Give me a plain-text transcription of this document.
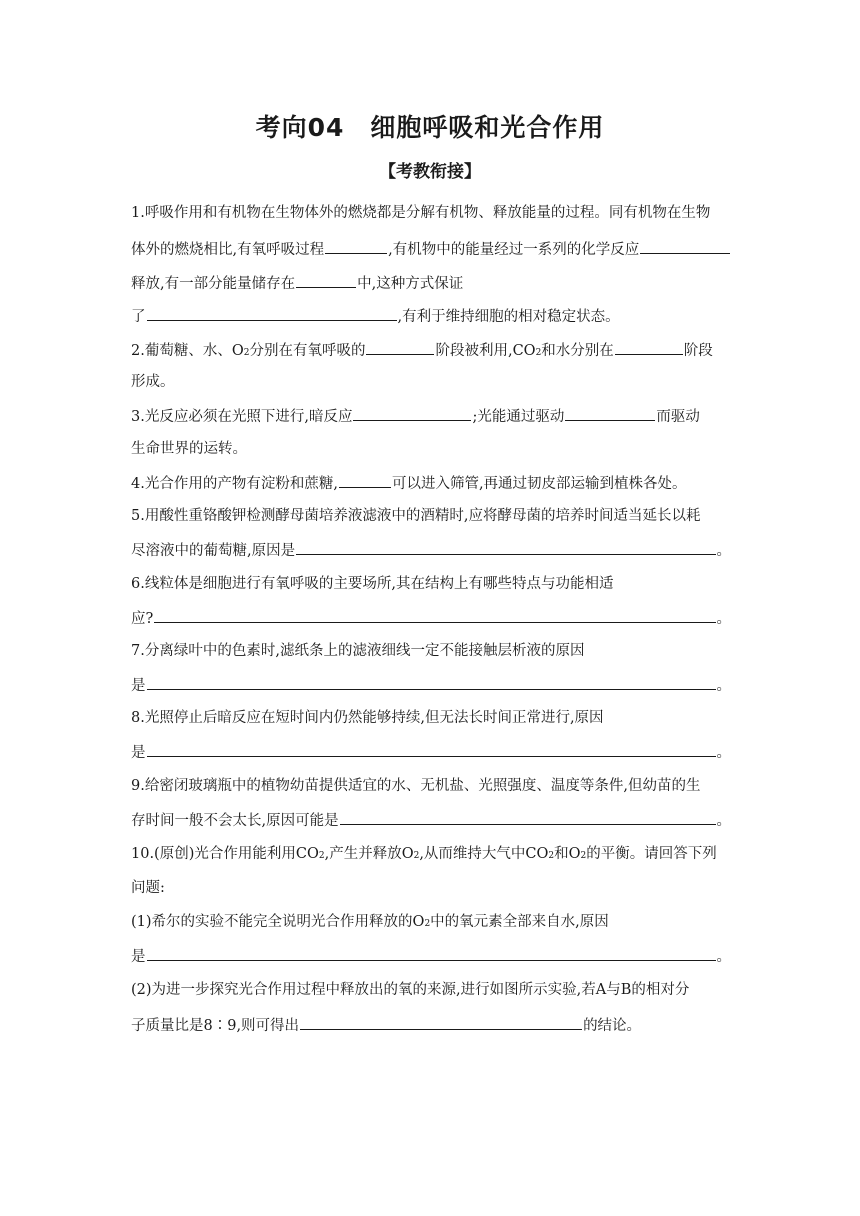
考向04　细胞呼吸和光合作用
【考教衔接】
1.呼吸作用和有机物在生物体外的燃烧都是分解有机物、释放能量的过程。同有机物在生物
体外的燃烧相比,有氧呼吸过程	,有机物中的能量经过一系列的化学反应
释放,有一部分能量储存在	中,这种方式保证
了	,有利于维持细胞的相对稳定状态。
2.葡萄糖、水、O 2 分别在有氧呼吸的	阶段被利用,CO 2 和水分别在	阶段
形成。
3.光反应必须在光照下进行,暗反应	;光能通过驱动	而驱动
生命世界的运转。
4.光合作用的产物有淀粉和蔗糖,	可以进入筛管,再通过韧皮部运输到植株各处。
5.用酸性重铬酸钾检测酵母菌培养液滤液中的酒精时,应将酵母菌的培养时间适当延长以耗
尽溶液中的葡萄糖,原因是	。
6.线粒体是细胞进行有氧呼吸的主要场所,其在结构上有哪些特点与功能相适
应?	。
7.分离绿叶中的色素时,滤纸条上的滤液细线一定不能接触层析液的原因
是	。
8.光照停止后暗反应在短时间内仍然能够持续,但无法长时间正常进行,原因
是	。
9.给密闭玻璃瓶中的植物幼苗提供适宜的水、无机盐、光照强度、温度等条件,但幼苗的生
存时间一般不会太长,原因可能是	。
10.(原创)光合作用能利用CO 2 ,产生并释放O 2 ,从而维持大气中CO 2 和O 2 的平衡。请回答下列
问题:
(1)希尔的实验不能完全说明光合作用释放的O 2 中的氧元素全部来自水,原因
是	。
(2)为进一步探究光合作用过程中释放出的氧的来源,进行如图所示实验,若A与B的相对分
子质量比是8∶9,则可得出	的结论。
